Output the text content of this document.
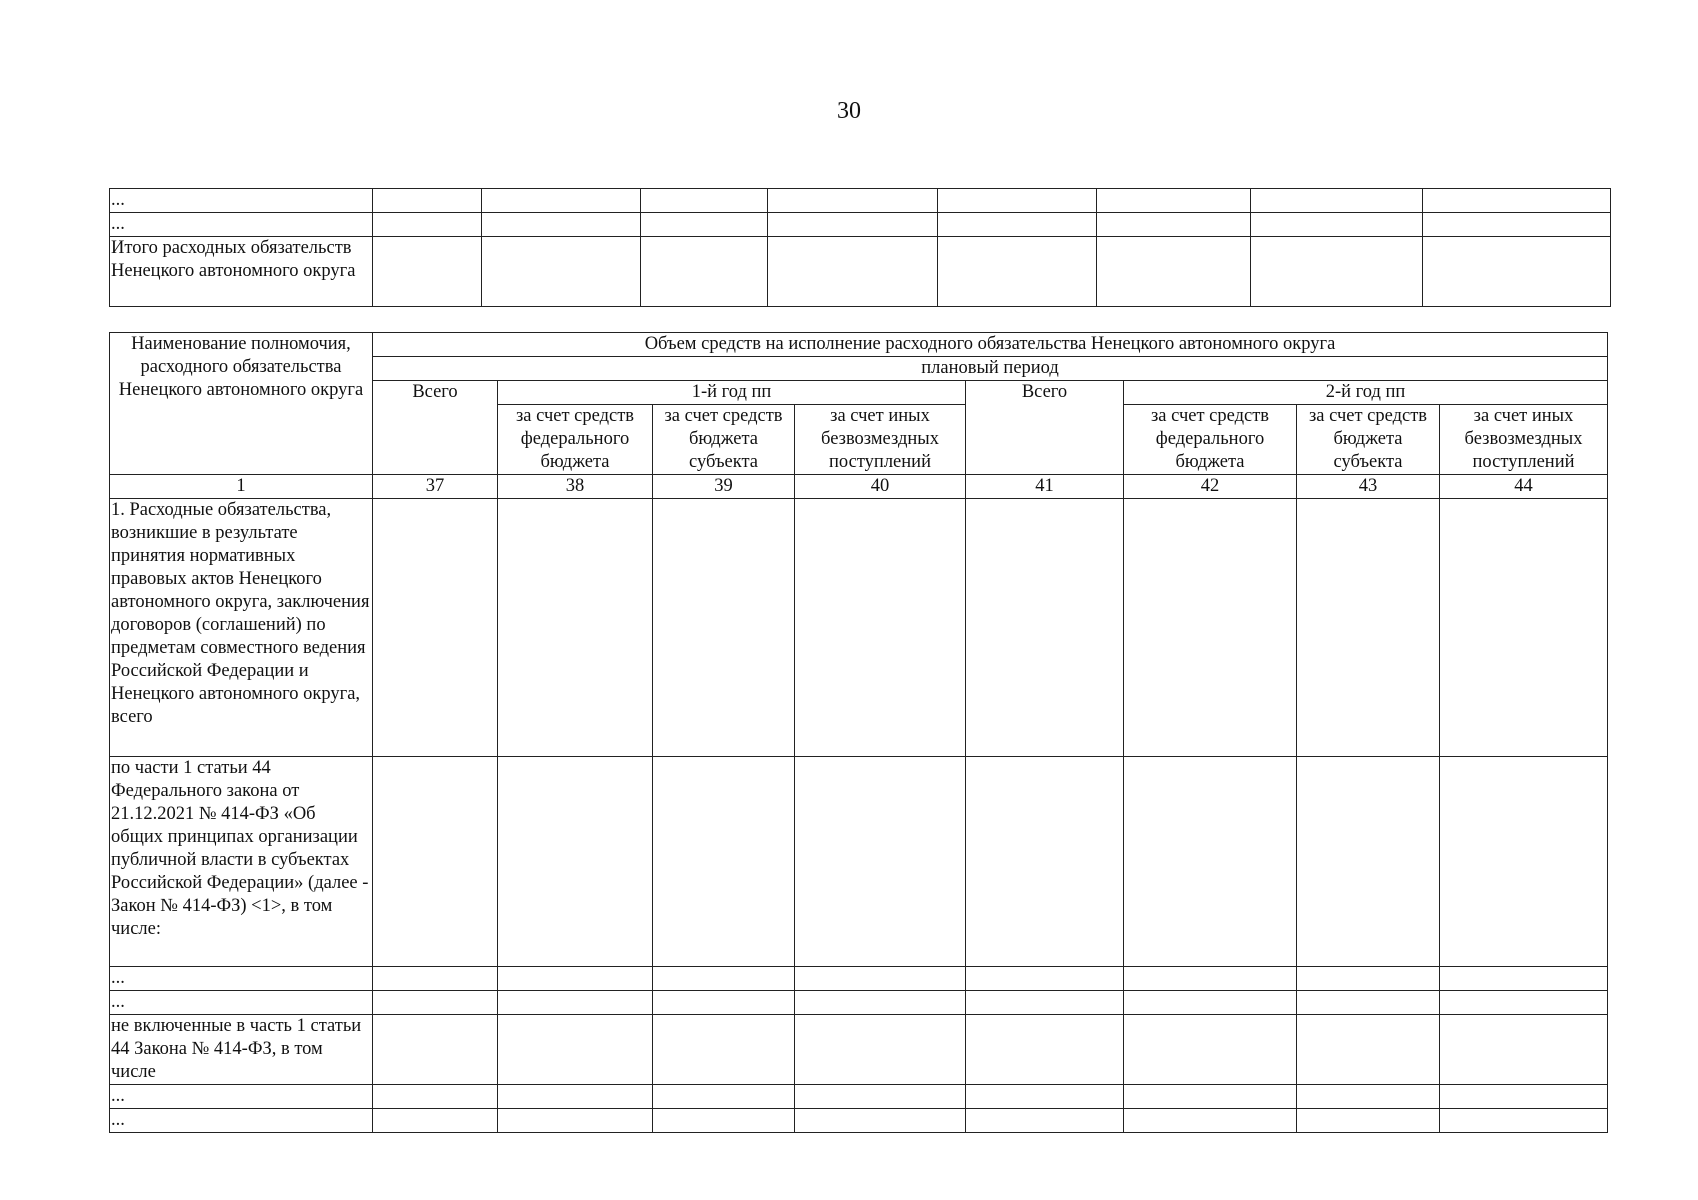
30
...								
...								
Итого расходных обязательств Ненецкого автономного округа								
Наименование полномочия, расходного обязательства Ненецкого автономного округа	Объем средств на исполнение расходного обязательства Ненецкого автономного округа							
	плановый период							
	Всего	1-й год пп			Всего	2-й год пп		
		за счет средств федерального бюджета	за счет средств бюджета субъекта	за счет иных безвозмездных поступлений		за счет средств федерального бюджета	за счет средств бюджета субъекта	за счет иных безвозмездных поступлений
1	37	38	39	40	41	42	43	44
1. Расходные обязательства, возникшие в результате принятия нормативных правовых актов Ненецкого автономного округа, заключения договоров (соглашений) по предметам совместного ведения Российской Федерации и Ненецкого автономного округа, всего								
по части 1 статьи 44 Федерального закона от 21.12.2021 № 414-ФЗ «Об общих принципах организации публичной власти в субъектах Российской Федерации» (далее - Закон № 414-ФЗ) <1>, в том числе:								
...								
...								
не включенные в часть 1 статьи 44 Закона № 414-ФЗ, в том числе								
...								
...								
